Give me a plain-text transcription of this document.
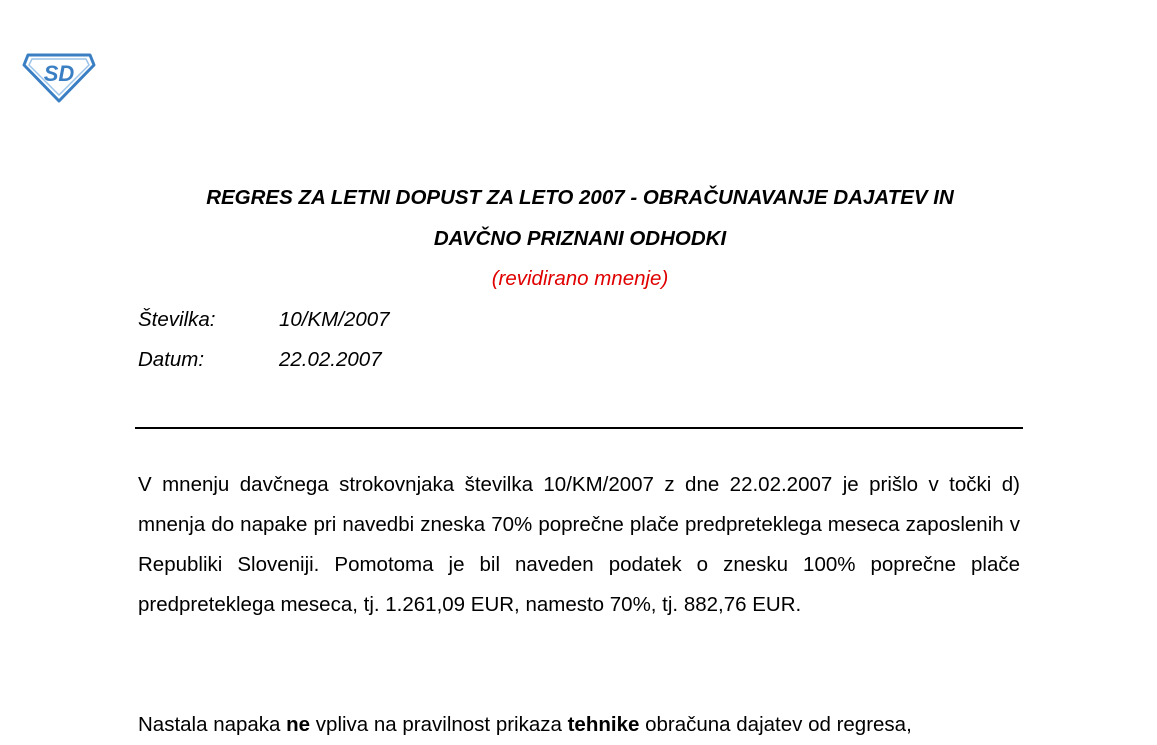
SD
REGRES ZA LETNI DOPUST ZA LETO 2007 - OBRAČUNAVANJE DAJATEV IN
DAVČNO PRIZNANI ODHODKI
(revidirano mnenje)
Številka:	10/KM/2007
Datum:	22.02.2007
V mnenju davčnega strokovnjaka številka 10/KM/2007 z dne 22.02.2007 je prišlo v točki d) mnenja do napake pri navedbi zneska 70% poprečne plače predpreteklega meseca zaposlenih v Republiki Sloveniji. Pomotoma je bil naveden podatek o znesku 100% poprečne plače predpreteklega meseca, tj. 1.261,09 EUR, namesto 70%, tj. 882,76 EUR.
Nastala napaka ne vpliva na pravilnost prikaza tehnike obračuna dajatev od regresa,
